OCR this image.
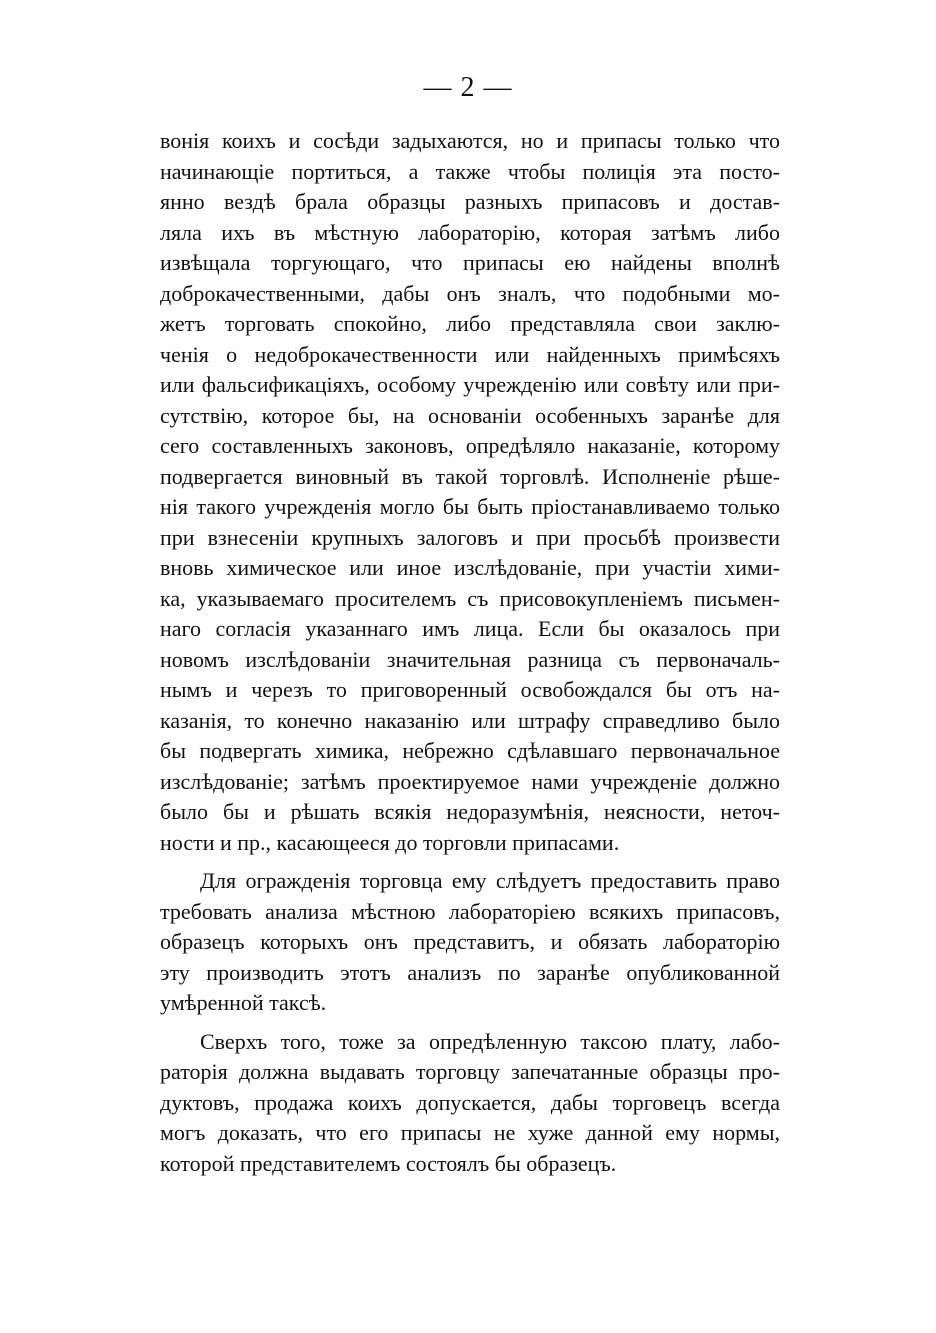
— 2 —
вонія коихъ и сосѣди задыхаются, но и припасы только что
начинающіе портиться, а также чтобы полиція эта посто-
янно вездѣ брала образцы разныхъ припасовъ и достав-
ляла ихъ въ мѣстную лабораторію, которая затѣмъ либо
извѣщала торгующаго, что припасы ею найдены вполнѣ
доброкачественными, дабы онъ зналъ, что подобными мо-
жетъ торговать спокойно, либо представляла свои заклю-
ченія о недоброкачественности или найденныхъ примѣсяхъ
или фальсификаціяхъ, особому учрежденію или совѣту или при-
сутствію, которое бы, на основаніи особенныхъ заранѣе для
сего составленныхъ законовъ, опредѣляло наказаніе, которому
подвергается виновный въ такой торговлѣ. Исполненіе рѣше-
нія такого учрежденія могло бы быть пріостанавливаемо только
при взнесеніи крупныхъ залоговъ и при просьбѣ произвести
вновь химическое или иное изслѣдованіе, при участіи хими-
ка, указываемаго просителемъ съ присовокупленіемъ письмен-
наго согласія указаннаго имъ лица. Если бы оказалось при
новомъ изслѣдованіи значительная разница съ первоначаль-
нымъ и черезъ то приговоренный освобождался бы отъ на-
казанія, то конечно наказанію или штрафу справедливо было
бы подвергать химика, небрежно сдѣлавшаго первоначальное
изслѣдованіе; затѣмъ проектируемое нами учрежденіе должно
было бы и рѣшать всякія недоразумѣнія, неясности, неточ-
ности и пр., касающееся до торговли припасами.
Для огражденія торговца ему слѣдуетъ предоставить право
требовать анализа мѣстною лабораторіею всякихъ припасовъ,
образецъ которыхъ онъ представитъ, и обязать лабораторію
эту производить этотъ анализъ по заранѣе опубликованной
умѣренной таксѣ.
Сверхъ того, тоже за опредѣленную таксою плату, лабо-
раторія должна выдавать торговцу запечатанные образцы про-
дуктовъ, продажа коихъ допускается, дабы торговецъ всегда
могъ доказать, что его припасы не хуже данной ему нормы,
которой представителемъ состоялъ бы образецъ.
